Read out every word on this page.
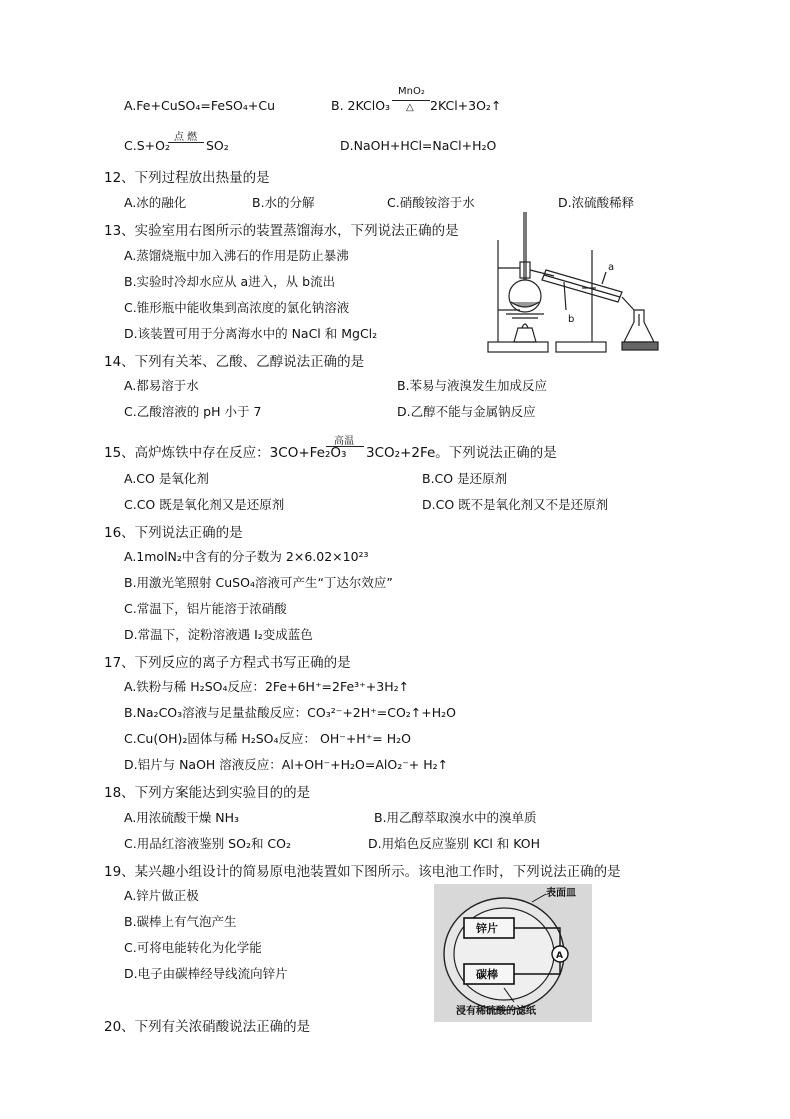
A.Fe+CuSO₄=FeSO₄+Cu	B. 2KClO₃
MnO₂
△ 2KCl+3O₂↑
C.S+O₂
点 燃
SO₂	D.NaOH+HCl=NaCl+H₂O
12、下列过程放出热量的是
A.冰的融化	B.水的分解	C.硝酸铵溶于水	D.浓硫酸稀释
13、实验室用右图所示的装置蒸馏海水，下列说法正确的是
A.蒸馏烧瓶中加入沸石的作用是防止暴沸
B.实验时冷却水应从 a进入，从 b流出
C.锥形瓶中能收集到高浓度的氯化钠溶液
D.该装置可用于分离海水中的 NaCl 和 MgCl₂
a
b
14、下列有关苯、乙酸、乙醇说法正确的是
A.都易溶于水	B.苯易与液溴发生加成反应
C.乙酸溶液的 pH 小于 7	D.乙醇不能与金属钠反应
15、高炉炼铁中存在反应：3CO+Fe₂O₃
高温
3CO₂+2Fe。下列说法正确的是
A.CO 是氧化剂	B.CO 是还原剂
C.CO 既是氧化剂又是还原剂	D.CO 既不是氧化剂又不是还原剂
16、下列说法正确的是
A.1molN₂中含有的分子数为 2×6.02×10²³
B.用激光笔照射 CuSO₄溶液可产生“丁达尔效应”
C.常温下，铝片能溶于浓硝酸
D.常温下，淀粉溶液遇 I₂变成蓝色
17、下列反应的离子方程式书写正确的是
A.铁粉与稀 H₂SO₄反应：2Fe+6H⁺=2Fe³⁺+3H₂↑
B.Na₂CO₃溶液与足量盐酸反应：CO₃²⁻+2H⁺=CO₂↑+H₂O
C.Cu(OH)₂固体与稀 H₂SO₄反应： OH⁻+H⁺= H₂O
D.铝片与 NaOH 溶液反应：Al+OH⁻+H₂O=AlO₂⁻+ H₂↑
18、下列方案能达到实验目的的是
A.用浓硫酸干燥 NH₃	B.用乙醇萃取溴水中的溴单质
C.用品红溶液鉴别 SO₂和 CO₂	D.用焰色反应鉴别 KCl 和 KOH
19、某兴趣小组设计的简易原电池装置如下图所示。该电池工作时，下列说法正确的是
A.锌片做正极
B.碳棒上有气泡产生
C.可将电能转化为化学能
D.电子由碳棒经导线流向锌片
表面皿
锌片
碳棒
A
浸有稀硫酸的滤纸
20、下列有关浓硝酸说法正确的是
